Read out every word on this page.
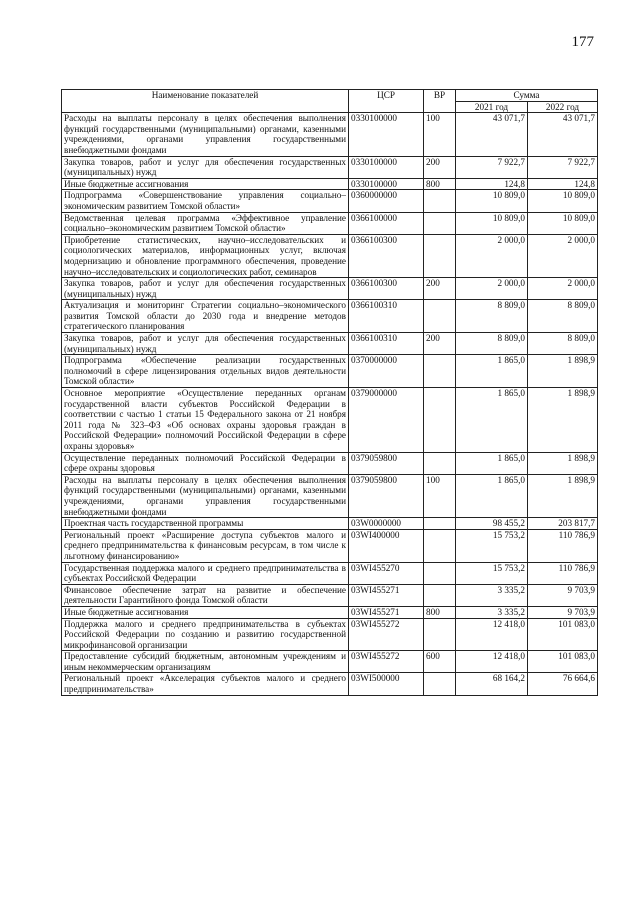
177
Наименование показателей	ЦСР	ВР	Сумма	
			2021 год	2022 год
Расходы на выплаты персоналу в целях обеспечения выполнения функций государственными (муниципальными) органами, казенными учреждениями, органами управления государственными внебюджетными фондами	0330100000	100	43 071,7	43 071,7
Закупка товаров, работ и услуг для обеспечения государственных (муниципальных) нужд	0330100000	200	7 922,7	7 922,7
Иные бюджетные ассигнования	0330100000	800	124,8	124,8
Подпрограмма «Совершенствование управления социально–экономическим развитием Томской области»	0360000000		10 809,0	10 809,0
Ведомственная целевая программа «Эффективное управление социально–экономическим развитием Томской области»	0366100000		10 809,0	10 809,0
Приобретение статистических, научно–исследовательских и социологических материалов, информационных услуг, включая модернизацию и обновление программного обеспечения, проведение научно–исследовательских и социологических работ, семинаров	0366100300		2 000,0	2 000,0
Закупка товаров, работ и услуг для обеспечения государственных (муниципальных) нужд	0366100300	200	2 000,0	2 000,0
Актуализация и мониторинг Стратегии социально–экономического развития Томской области до 2030 года и внедрение методов стратегического планирования	0366100310		8 809,0	8 809,0
Закупка товаров, работ и услуг для обеспечения государственных (муниципальных) нужд	0366100310	200	8 809,0	8 809,0
Подпрограмма «Обеспечение реализации государственных полномочий в сфере лицензирования отдельных видов деятельности Томской области»	0370000000		1 865,0	1 898,9
Основное мероприятие «Осуществление переданных органам государственной власти субъектов Российской Федерации в соответствии с частью 1 статьи 15 Федерального закона от 21 ноября 2011 года № 323–ФЗ «Об основах охраны здоровья граждан в Российской Федерации» полномочий Российской Федерации в сфере охраны здоровья»	0379000000		1 865,0	1 898,9
Осуществление переданных полномочий Российской Федерации в сфере охраны здоровья	0379059800		1 865,0	1 898,9
Расходы на выплаты персоналу в целях обеспечения выполнения функций государственными (муниципальными) органами, казенными учреждениями, органами управления государственными внебюджетными фондами	0379059800	100	1 865,0	1 898,9
Проектная часть государственной программы	03W0000000		98 455,2	203 817,7
Региональный проект «Расширение доступа субъектов малого и среднего предпринимательства к финансовым ресурсам, в том числе к льготному финансированию»	03WI400000		15 753,2	110 786,9
Государственная поддержка малого и среднего предпринимательства в субъектах Российской Федерации	03WI455270		15 753,2	110 786,9
Финансовое обеспечение затрат на развитие и обеспечение деятельности Гарантийного фонда Томской области	03WI455271		3 335,2	9 703,9
Иные бюджетные ассигнования	03WI455271	800	3 335,2	9 703,9
Поддержка малого и среднего предпринимательства в субъектах Российской Федерации по созданию и развитию государственной микрофинансовой организации	03WI455272		12 418,0	101 083,0
Предоставление субсидий бюджетным, автономным учреждениям и иным некоммерческим организациям	03WI455272	600	12 418,0	101 083,0
Региональный проект «Акселерация субъектов малого и среднего предпринимательства»	03WI500000		68 164,2	76 664,6
